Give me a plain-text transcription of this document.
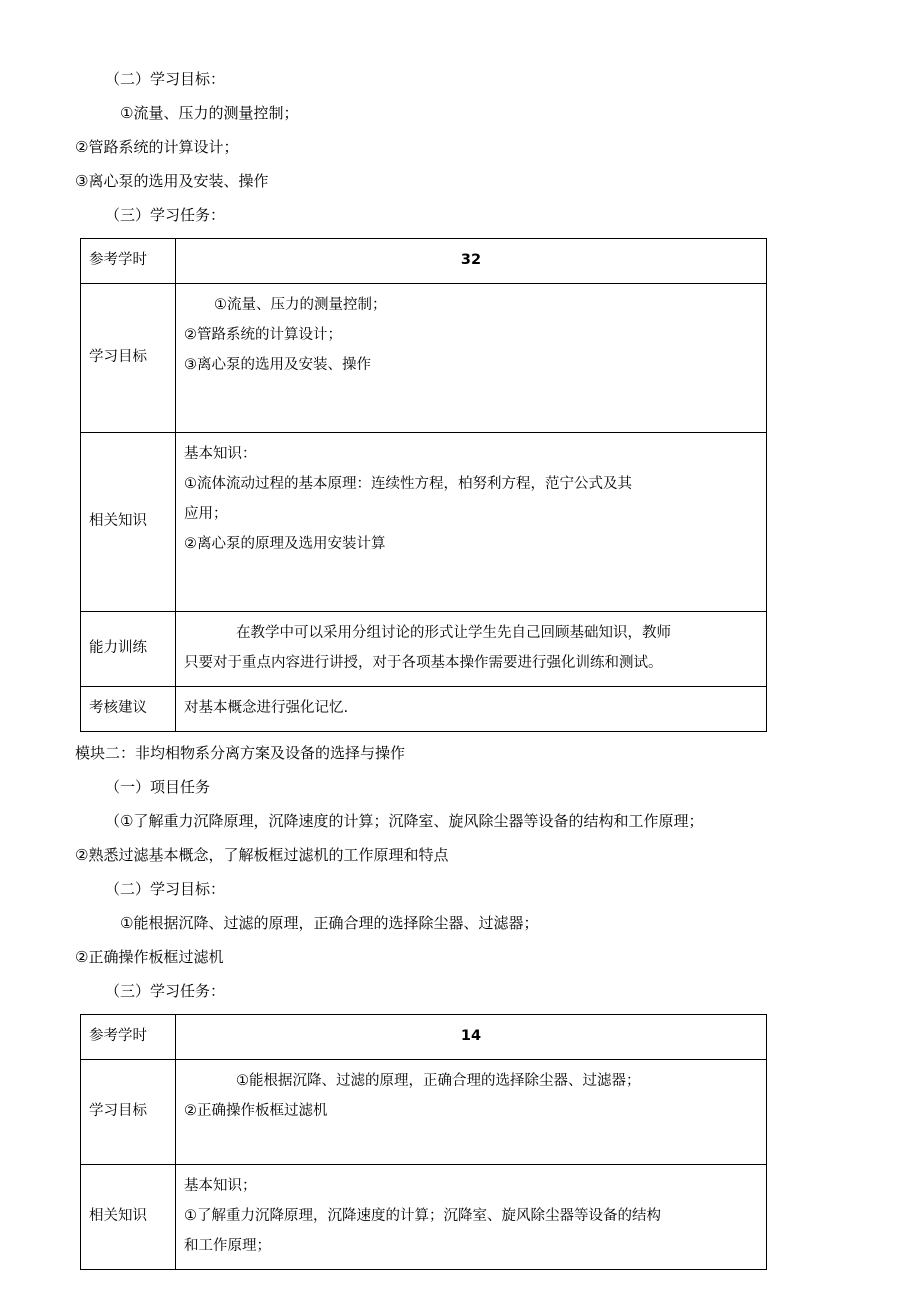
（二）学习目标：

①流量、压力的测量控制；

②管路系统的计算设计；

③离心泵的选用及安装、操作

（三）学习任务：

参考学时	32
学习目标	①流量、压力的测量控制；
②管路系统的计算设计；
③离心泵的选用及安装、操作

相关知识	基本知识：
①流体流动过程的基本原理：连续性方程，柏努利方程，范宁公式及其
应用；
②离心泵的原理及选用安装计算

能力训练	在教学中可以采用分组讨论的形式让学生先自己回顾基础知识，教师
只要对于重点内容进行讲授，对于各项基本操作需要进行强化训练和测试。

考核建议	对基本概念进行强化记忆.

模块二：非均相物系分离方案及设备的选择与操作

（一）项目任务

（①了解重力沉降原理，沉降速度的计算；沉降室、旋风除尘器等设备的结构和工作原理；

②熟悉过滤基本概念，了解板框过滤机的工作原理和特点

（二）学习目标：

①能根据沉降、过滤的原理，正确合理的选择除尘器、过滤器；

②正确操作板框过滤机

（三）学习任务：

参考学时	14
学习目标	①能根据沉降、过滤的原理，正确合理的选择除尘器、过滤器；
②正确操作板框过滤机

相关知识	基本知识；
①了解重力沉降原理，沉降速度的计算；沉降室、旋风除尘器等设备的结构
和工作原理；
